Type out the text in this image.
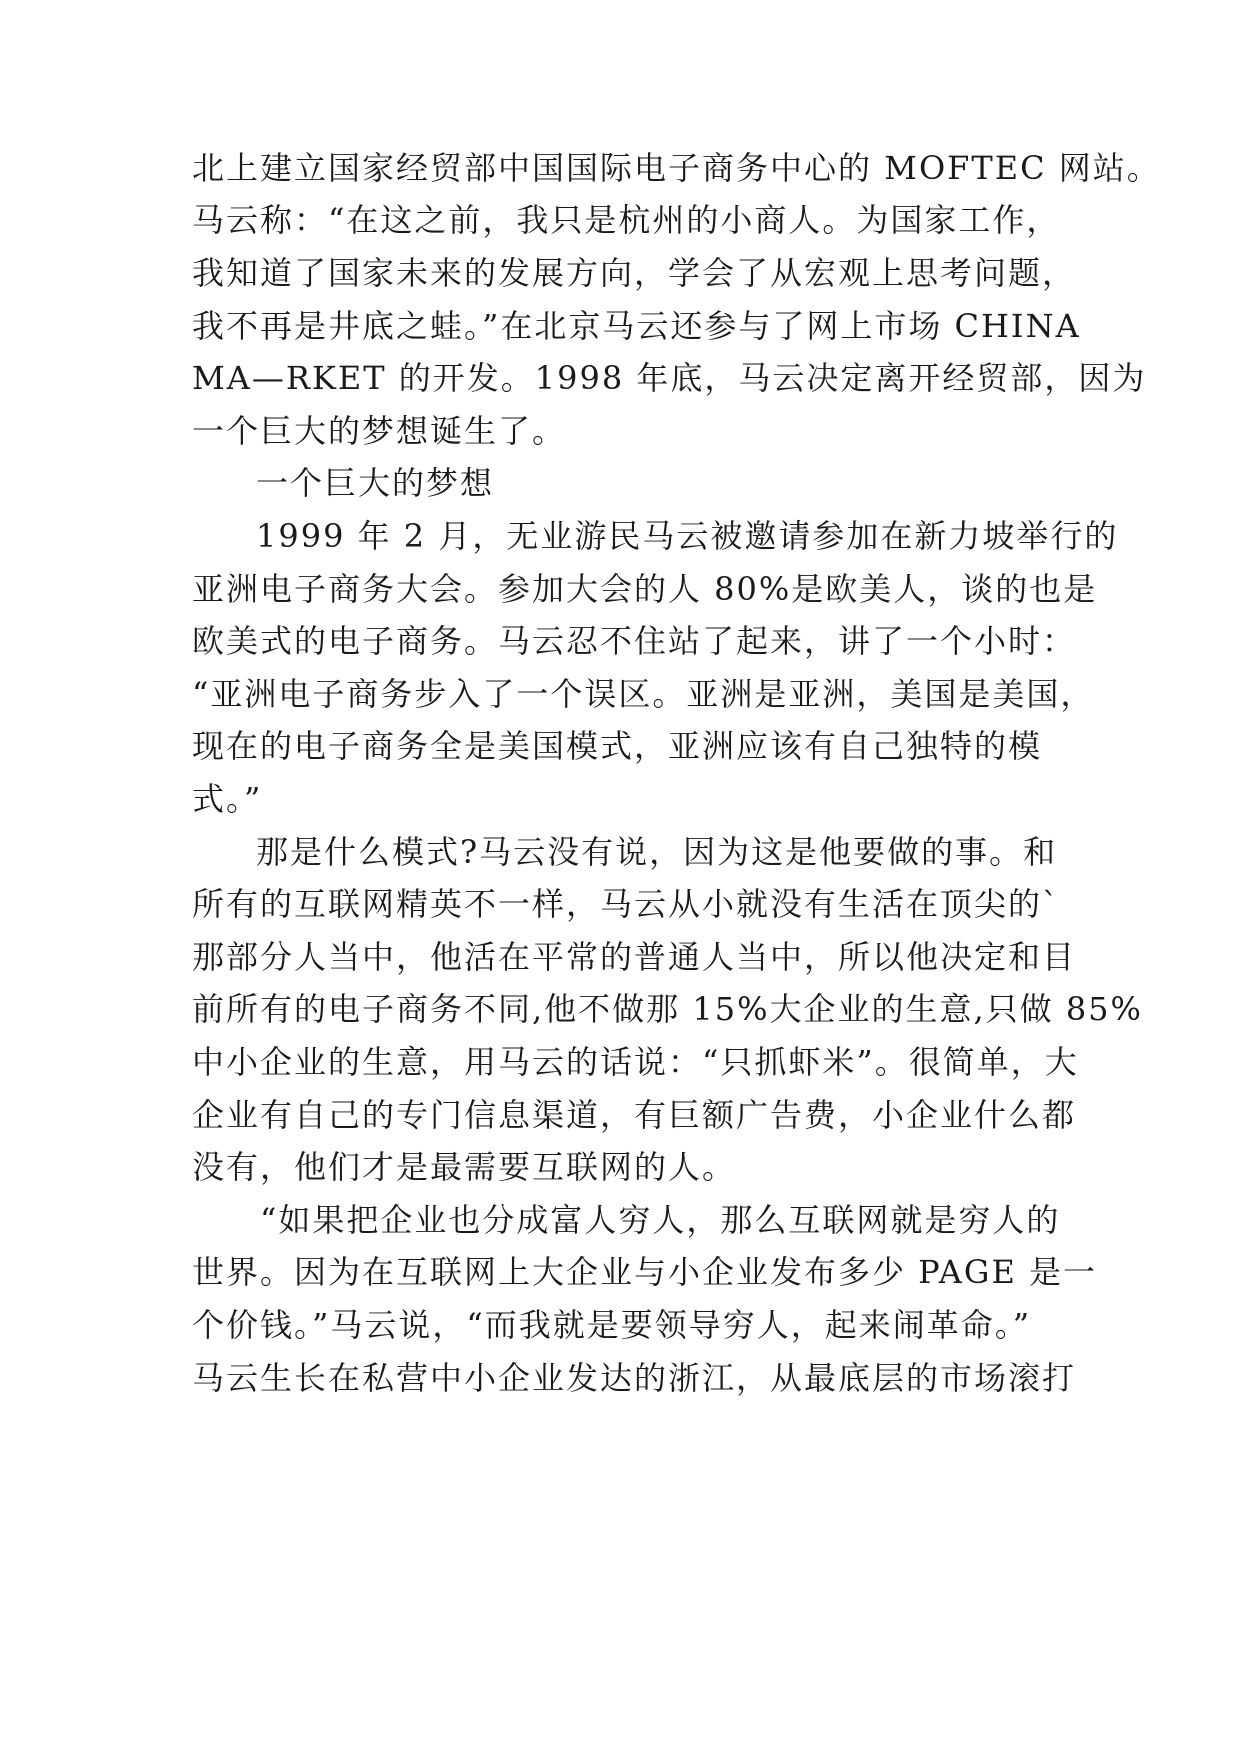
北上建立国家经贸部中国国际电子商务中心的 MOFTEC 网站。
马云称：“在这之前，我只是杭州的小商人。为国家工作，
我知道了国家未来的发展方向，学会了从宏观上思考问题，
我不再是井底之蛙。”在北京马云还参与了网上市场 CHINA
MA—RKET 的开发。1998 年底，马云决定离开经贸部，因为
一个巨大的梦想诞生了。
一个巨大的梦想
1999 年 2 月，无业游民马云被邀请参加在新力坡举行的
亚洲电子商务大会。参加大会的人 80%是欧美人，谈的也是
欧美式的电子商务。马云忍不住站了起来，讲了一个小时：
“亚洲电子商务步入了一个误区。亚洲是亚洲，美国是美国，
现在的电子商务全是美国模式，亚洲应该有自己独特的模
式。”
那是什么模式?马云没有说，因为这是他要做的事。和
所有的互联网精英不一样，马云从小就没有生活在顶尖的`
那部分人当中，他活在平常的普通人当中，所以他决定和目
前所有的电子商务不同,他不做那 15%大企业的生意,只做 85%
中小企业的生意，用马云的话说：“只抓虾米”。很简单，大
企业有自己的专门信息渠道，有巨额广告费，小企业什么都
没有，他们才是最需要互联网的人。
“如果把企业也分成富人穷人，那么互联网就是穷人的
世界。因为在互联网上大企业与小企业发布多少 PAGE 是一
个价钱。”马云说，“而我就是要领导穷人，起来闹革命。”
马云生长在私营中小企业发达的浙江，从最底层的市场滚打
